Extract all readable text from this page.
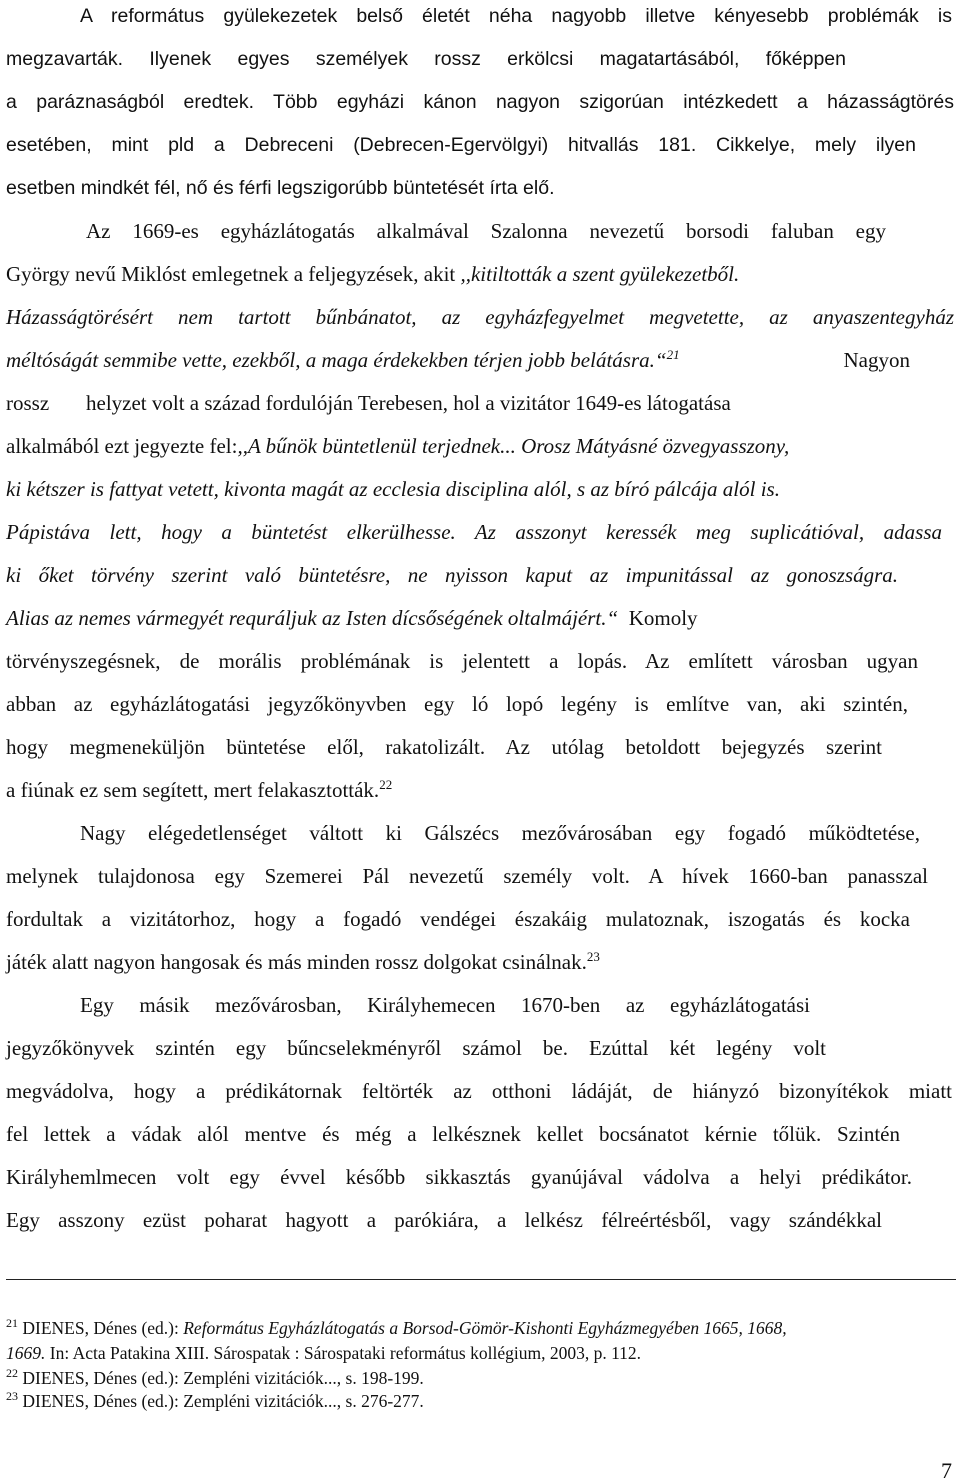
A református gyülekezetek belső életét néha nagyobb illetve kényesebb problémák is
megzavarták. Ilyenek egyes személyek rossz erkölcsi magatartásából, főképpen
a paráznaságból eredtek. Több egyházi kánon nagyon szigorúan intézkedett a házasságtörés
esetében, mint pld a Debreceni (Debrecen-Egervölgyi) hitvallás 181. Cikkelye, mely ilyen
esetben mindkét fél, nő és férfi legszigorúbb büntetését írta elő.
Az 1669-es egyházlátogatás alkalmával Szalonna nevezetű borsodi faluban egy
György nevű Miklóst emlegetnek a feljegyzések, akit ,,kitiltották a szent gyülekezetből.
Házasságtörésért nem tartott bűnbánatot, az egyházfegyelmet megvetette, az anyaszentegyház
méltóságát semmibe vette, ezekből, a maga érdekekben térjen jobb belátásra.“$^{21}$	Nagyon
rossz helyzet volt a század fordulóján Terebesen, hol a vizitátor 1649-es látogatása
alkalmából ezt jegyezte fel:,,A bűnök büntetlenül terjednek... Orosz Mátyásné özvegyasszony,
ki kétszer is fattyat vetett, kivonta magát az ecclesia disciplina alól, s az bíró pálcája alól is.
Pápistáva lett, hogy a büntetést elkerülhesse. Az asszonyt keressék meg suplicátióval, adassa
ki őket törvény szerint való büntetésre, ne nyisson kaput az impunitással az gonoszságra.
Alias az nemes vármegyét requráljuk az Isten dícsőségének oltalmájért.“ Komoly
törvényszegésnek, de morális problémának is jelentett a lopás. Az említett városban ugyan
abban az egyházlátogatási jegyzőkönyvben egy ló lopó legény is említve van, aki szintén,
hogy megmeneküljön büntetése elől, rakatolizált. Az utólag betoldott bejegyzés szerint
a fiúnak ez sem segített, mert felakasztották.$^{22}$
Nagy elégedetlenséget váltott ki Gálszécs mezővárosában egy fogadó működtetése,
melynek tulajdonosa egy Szemerei Pál nevezetű személy volt. A hívek 1660-ban panasszal
fordultak a vizitátorhoz, hogy a fogadó vendégei északáig mulatoznak, iszogatás és kocka
játék alatt nagyon hangosak és más minden rossz dolgokat csinálnak.$^{23}$
Egy másik mezővárosban, Királyhemecen 1670-ben az egyházlátogatási
jegyzőkönyvek szintén egy bűncselekményről számol be. Ezúttal két legény volt
megvádolva, hogy a prédikátornak feltörték az otthoni ládáját, de hiányzó bizonyítékok miatt
fel lettek a vádak alól mentve és még a lelkésznek kellet bocsánatot kérnie tőlük. Szintén
Királyhemlmecen volt egy évvel később sikkasztás gyanújával vádolva a helyi prédikátor.
Egy asszony ezüst poharat hagyott a parókiára, a lelkész félreértésből, vagy szándékkal
$^{21}$ DIENES, Dénes (ed.): Református Egyházlátogatás a Borsod-Gömör-Kishonti Egyházmegyében 1665, 1668,
1669. In: Acta Patakina XIII. Sárospatak : Sárospataki református kollégium, 2003, p. 112.
$^{22}$ DIENES, Dénes (ed.): Zempléni vizitációk..., s. 198-199.
$^{23}$ DIENES, Dénes (ed.): Zempléni vizitációk..., s. 276-277.
7
